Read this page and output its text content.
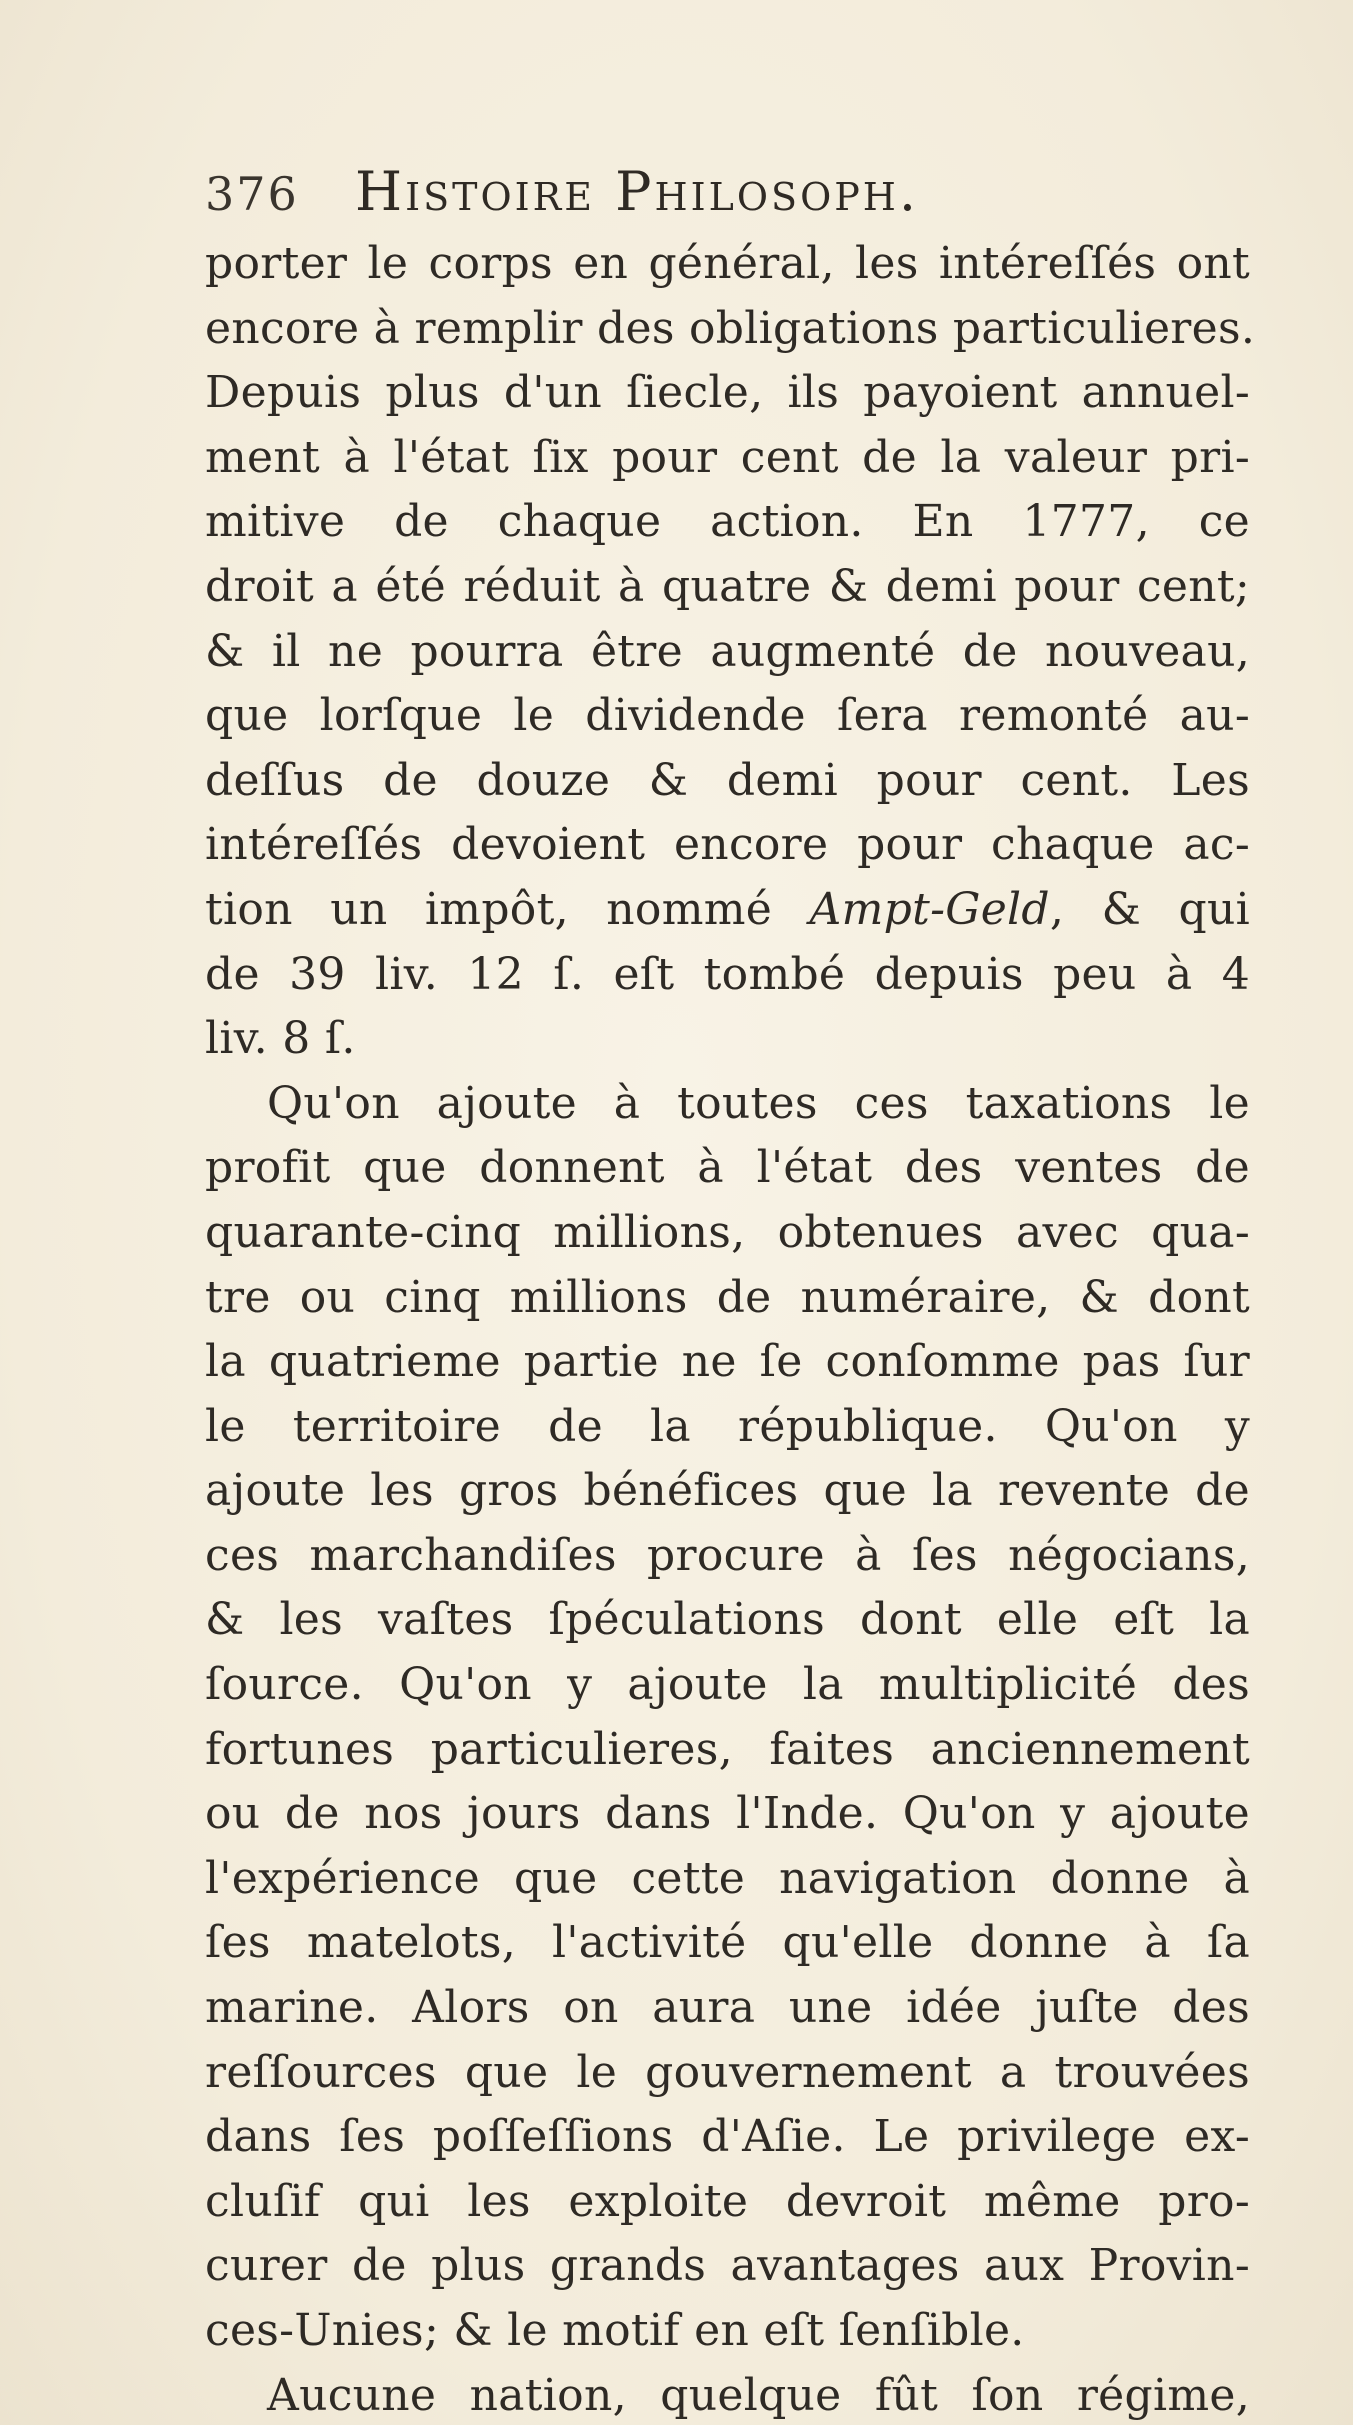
376	Histoire Philosoph.
porter le corps en général, les intéreſſés ont
encore à remplir des obligations particulieres.
Depuis plus d'un ſiecle, ils payoient annuel-
ment à l'état ſix pour cent de la valeur pri-
mitive de chaque action. En 1777, ce
droit a été réduit à quatre & demi pour cent;
& il ne pourra être augmenté de nouveau,
que lorſque le dividende ſera remonté au-
deſſus de douze & demi pour cent. Les
intéreſſés devoient encore pour chaque ac-
tion un impôt, nommé Ampt-Geld, & qui
de 39 liv. 12 ſ. eſt tombé depuis peu à 4
liv. 8 ſ.
Qu'on ajoute à toutes ces taxations le
profit que donnent à l'état des ventes de
quarante-cinq millions, obtenues avec qua-
tre ou cinq millions de numéraire, & dont
la quatrieme partie ne ſe conſomme pas ſur
le territoire de la république. Qu'on y
ajoute les gros bénéfices que la revente de
ces marchandiſes procure à ſes négocians,
& les vaſtes ſpéculations dont elle eſt la
ſource. Qu'on y ajoute la multiplicité des
fortunes particulieres, faites anciennement
ou de nos jours dans l'Inde. Qu'on y ajoute
l'expérience que cette navigation donne à
ſes matelots, l'activité qu'elle donne à ſa
marine. Alors on aura une idée juſte des
reſſources que le gouvernement a trouvées
dans ſes poſſeſſions d'Aſie. Le privilege ex-
cluſif qui les exploite devroit même pro-
curer de plus grands avantages aux Provin-
ces-Unies; & le motif en eſt ſenſible.
Aucune nation, quelque fût ſon régime,
